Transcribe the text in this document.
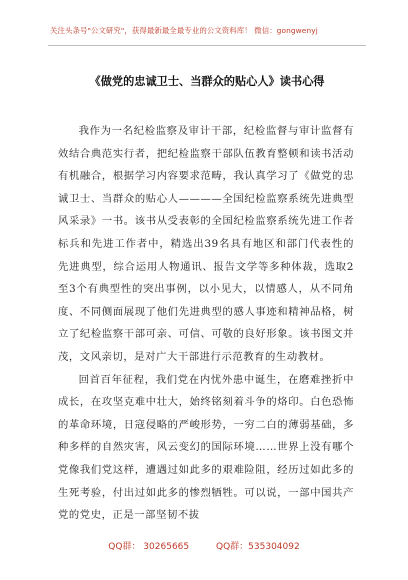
关注头条号"公文研究"，获得最新最全最专业的公文资料库！ 微信：gongwenyj
《做党的忠诚卫士、当群众的贴心人》读书心得

我作为一名纪检监察及审计干部，纪检监督与审计监督有效结合典范实行者，把纪检监察干部队伍教育整顿和读书活动有机融合，根据学习内容要求范畴，我认真学习了《做党的忠诚卫士、当群众的贴心人————全国纪检监察系统先进典型风采录》一书。该书从受表彰的全国纪检监察系统先进工作者标兵和先进工作者中，精选出39名具有地区和部门代表性的先进典型，综合运用人物通讯、报告文学等多种体裁，选取2至3个有典型性的突出事例，以小见大，以情感人，从不同角度、不同侧面展现了他们先进典型的感人事迹和精神品格，树立了纪检监察干部可亲、可信、可敬的良好形象。该书图文并茂，文风亲切，是对广大干部进行示范教育的生动教材。

回首百年征程，我们党在内忧外患中诞生，在磨难挫折中成长，在攻坚克难中壮大，始终铭刻着斗争的烙印。白色恐怖的革命环境，日寇侵略的严峻形势，一穷二白的薄弱基础，多种多样的自然灾害，风云变幻的国际环境……世界上没有哪个党像我们党这样，遭遇过如此多的艰难险阻，经历过如此多的生死考验，付出过如此多的惨烈牺牲。可以说，一部中国共产党的党史，正是一部坚韧不拔

QQ群： 30265665	QQ群：535304092
